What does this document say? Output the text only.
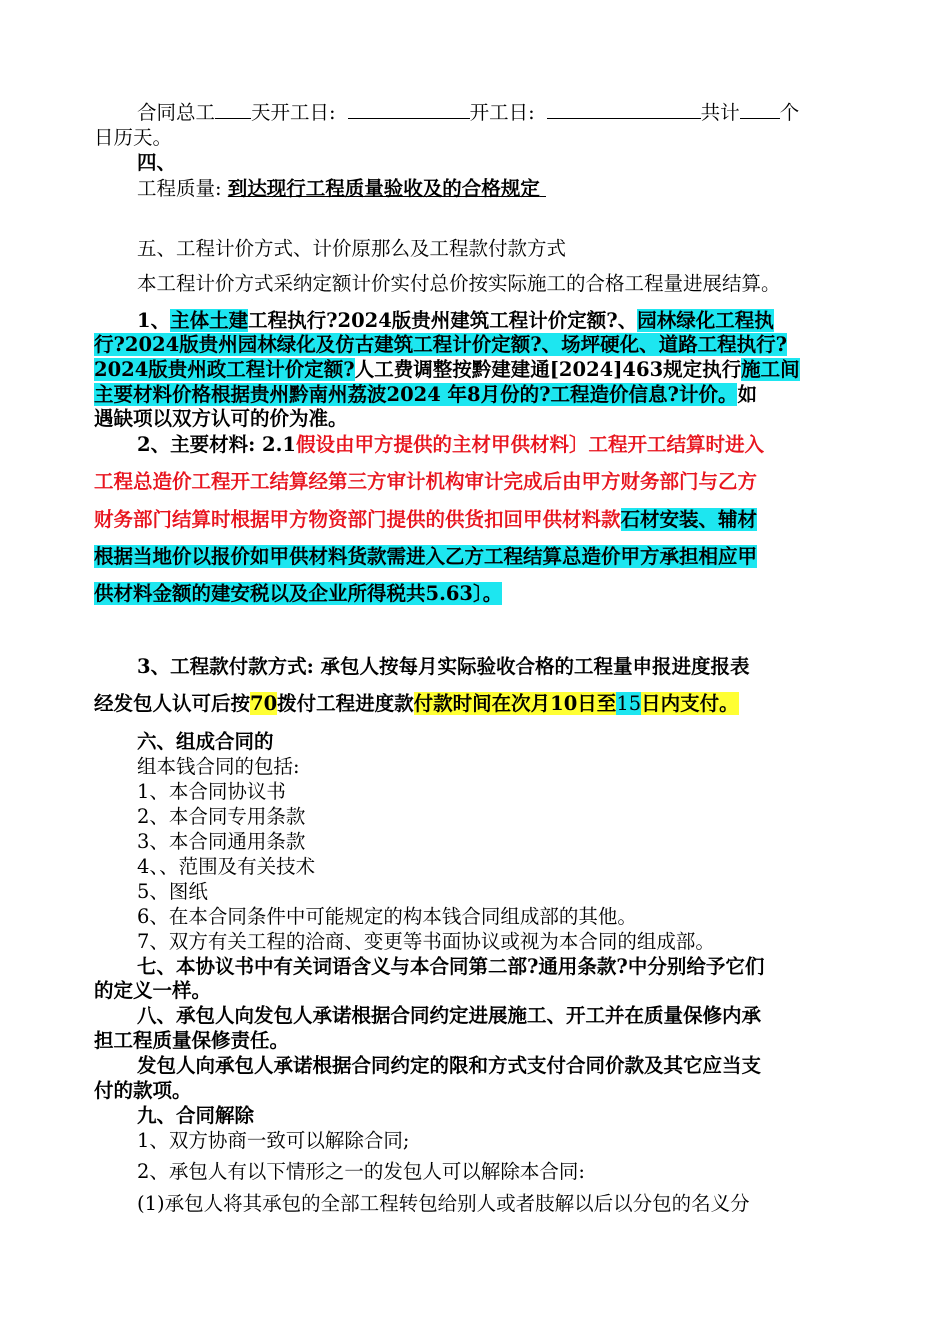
合同总工 天开工日:	开工日:	共计 个
日历天。
四、
工程质量: 到达现行工程质量验收及的合格规定
五、工程计价方式、计价原那么及工程款付款方式
本工程计价方式采纳定额计价实付总价按实际施工的合格工程量进展结算。
1、主体土建工程执行?2024版贵州建筑工程计价定额?、园林绿化工程执
行?2024版贵州园林绿化及仿古建筑工程计价定额?、场坪硬化、道路工程执行?
2024版贵州政工程计价定额?人工费调整按黔建建通[2024]463规定执行施工间
主要材料价格根据贵州黔南州荔波2024 年8月份的?工程造价信息?计价。如
遇缺项以双方认可的价为准。
2、主要材料: 2.1假设由甲方提供的主材甲供材料〕工程开工结算时进入
工程总造价工程开工结算经第三方审计机构审计完成后由甲方财务部门与乙方
财务部门结算时根据甲方物资部门提供的供货扣回甲供材料款石材安装、辅材
根据当地价以报价如甲供材料货款需进入乙方工程结算总造价甲方承担相应甲
供材料金额的建安税以及企业所得税共5.63〕。
3、工程款付款方式: 承包人按每月实际验收合格的工程量申报进度报表
经发包人认可后按70拨付工程进度款付款时间在次月10日至15日内支付。
六、组成合同的
组本钱合同的包括:
1、本合同协议书
2、本合同专用条款
3、本合同通用条款
4、、范围及有关技术
5、图纸
6、在本合同条件中可能规定的构本钱合同组成部的其他。
7、双方有关工程的洽商、变更等书面协议或视为本合同的组成部。
七、本协议书中有关词语含义与本合同第二部?通用条款?中分别给予它们
的定义一样。
八、承包人向发包人承诺根据合同约定进展施工、开工并在质量保修内承
担工程质量保修责任。
发包人向承包人承诺根据合同约定的限和方式支付合同价款及其它应当支
付的款项。
九、合同解除
1、双方协商一致可以解除合同;
2、承包人有以下情形之一的发包人可以解除本合同:
(1)承包人将其承包的全部工程转包给别人或者肢解以后以分包的名义分
